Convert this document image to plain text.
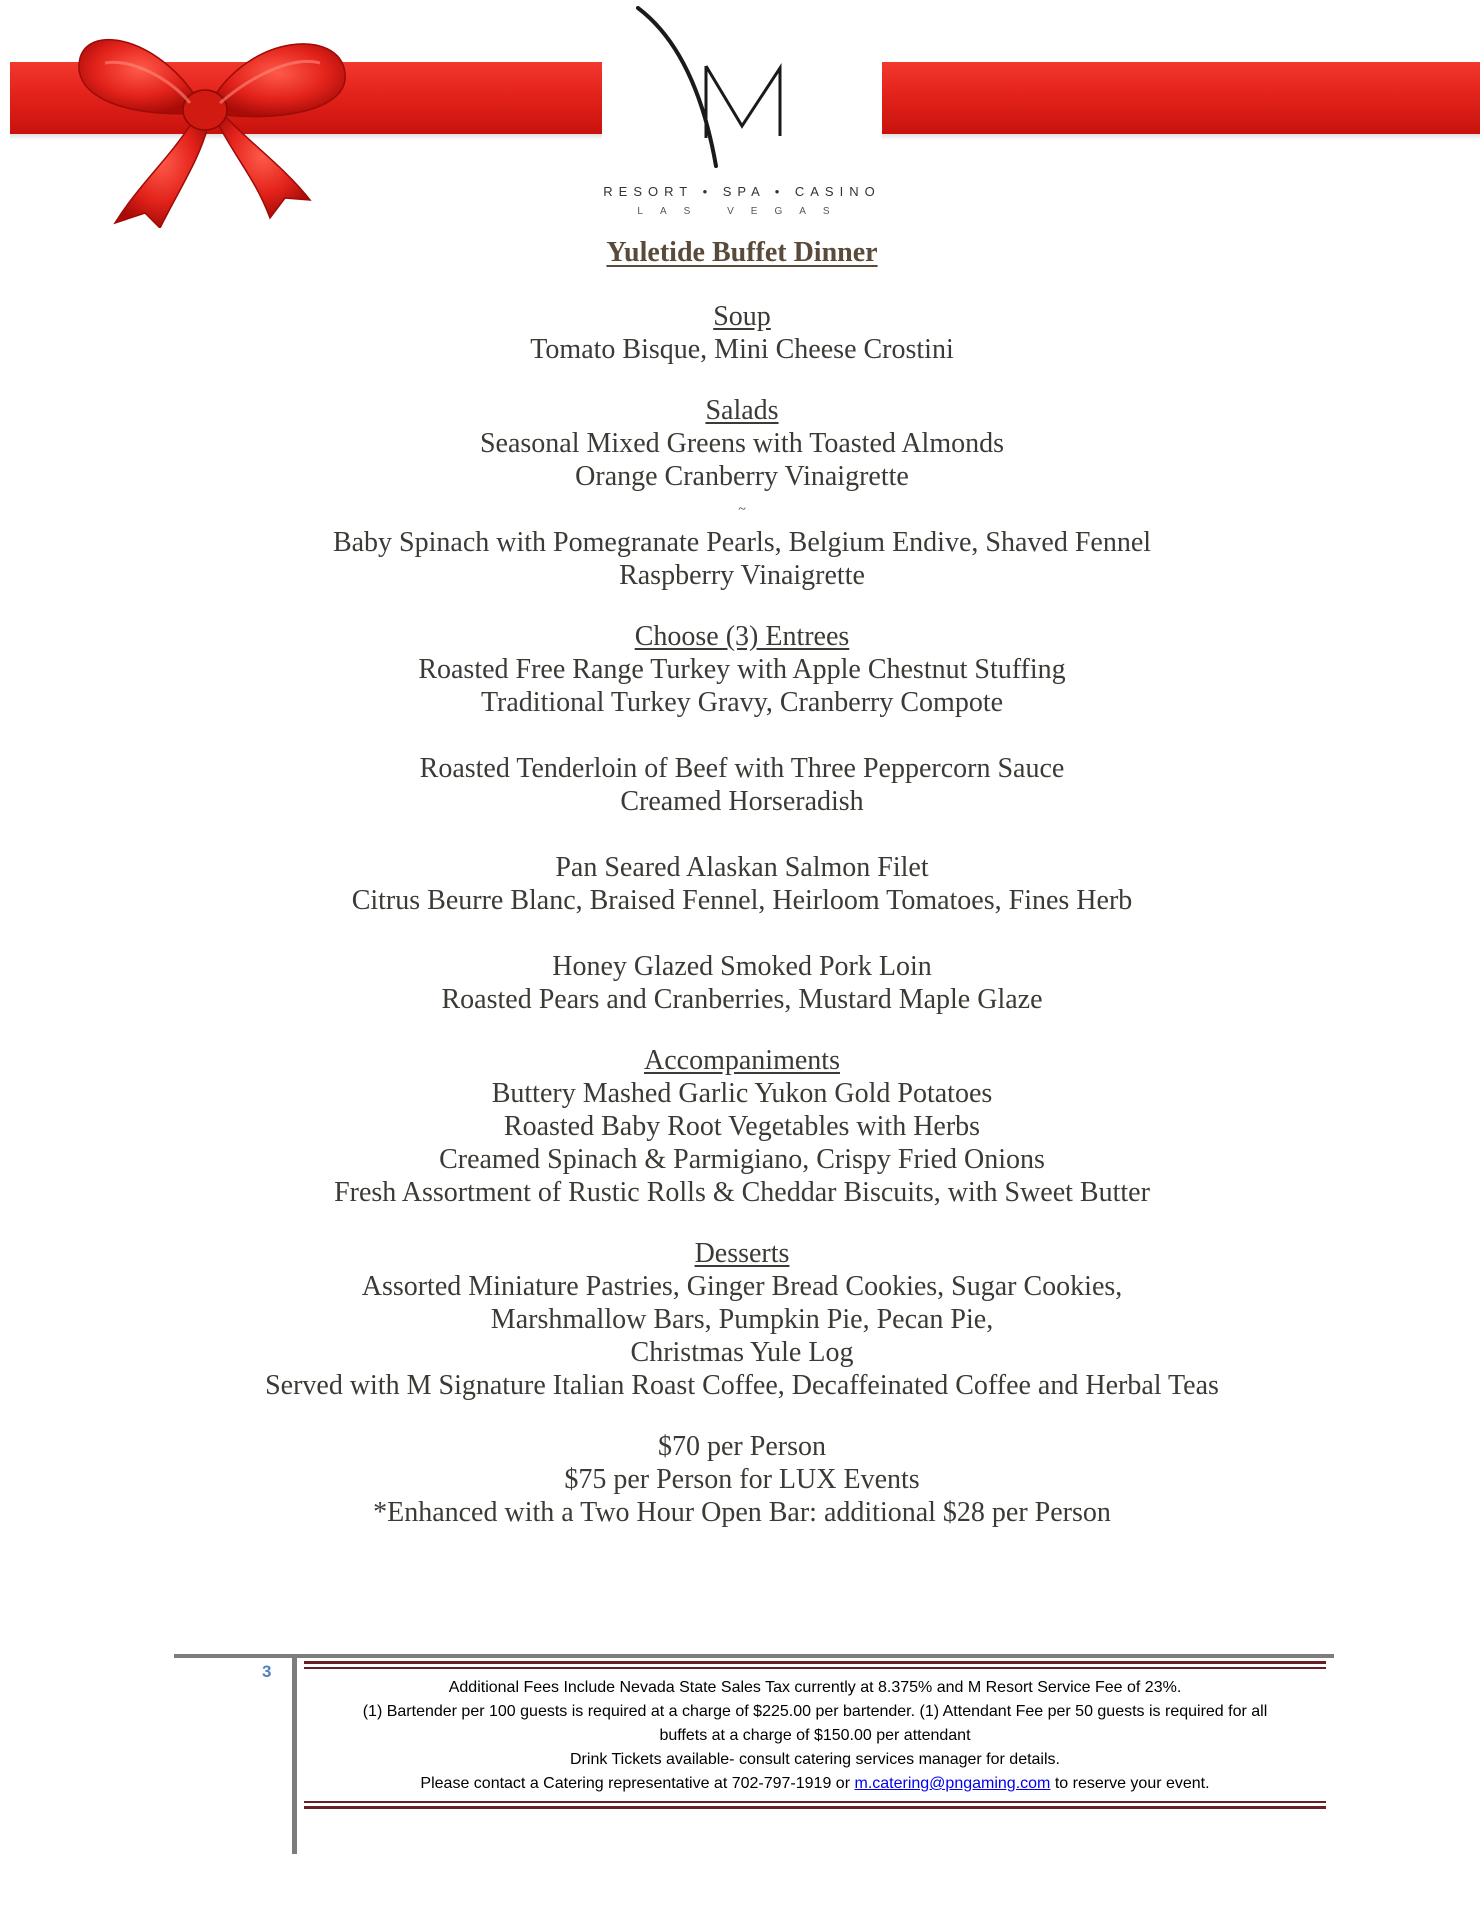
RESORT • SPA • CASINO
LAS VEGAS

Yuletide Buffet Dinner

Soup

Tomato Bisque, Mini Cheese Crostini

Salads

Seasonal Mixed Greens with Toasted Almonds

Orange Cranberry Vinaigrette

~

Baby Spinach with Pomegranate Pearls, Belgium Endive, Shaved Fennel

Raspberry Vinaigrette

Choose (3) Entrees

Roasted Free Range Turkey with Apple Chestnut Stuffing

Traditional Turkey Gravy, Cranberry Compote

Roasted Tenderloin of Beef with Three Peppercorn Sauce

Creamed Horseradish

Pan Seared Alaskan Salmon Filet

Citrus Beurre Blanc, Braised Fennel, Heirloom Tomatoes, Fines Herb

Honey Glazed Smoked Pork Loin

Roasted Pears and Cranberries, Mustard Maple Glaze

Accompaniments

Buttery Mashed Garlic Yukon Gold Potatoes

Roasted Baby Root Vegetables with Herbs

Creamed Spinach & Parmigiano, Crispy Fried Onions

Fresh Assortment of Rustic Rolls & Cheddar Biscuits, with Sweet Butter

Desserts

Assorted Miniature Pastries, Ginger Bread Cookies, Sugar Cookies,

Marshmallow Bars, Pumpkin Pie, Pecan Pie,

Christmas Yule Log

Served with M Signature Italian Roast Coffee, Decaffeinated Coffee and Herbal Teas

$70 per Person

$75 per Person for LUX Events

*Enhanced with a Two Hour Open Bar: additional $28 per Person

3

Additional Fees Include Nevada State Sales Tax currently at 8.375% and M Resort Service Fee of 23%.

(1) Bartender per 100 guests is required at a charge of $225.00 per bartender. (1) Attendant Fee per 50 guests is required for all

buffets at a charge of $150.00 per attendant

Drink Tickets available- consult catering services manager for details.

Please contact a Catering representative at 702-797-1919 or m.catering@pngaming.com to reserve your event.
